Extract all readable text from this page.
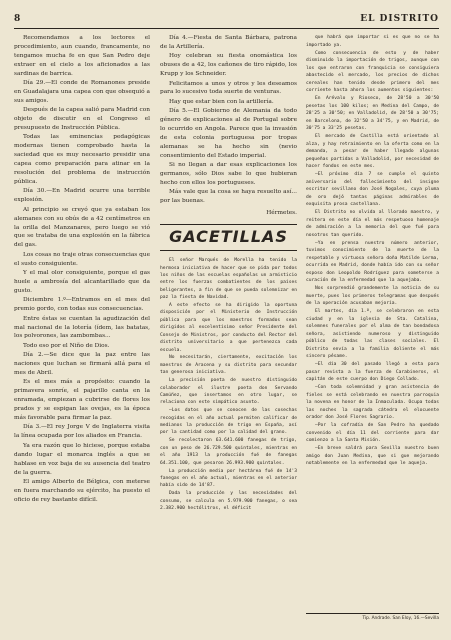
8	EL DISTRITO

Recomendamos a los lectores el procedimiento, aun cuando, francamente, no tengamos mucha fe en que San Pedro deje extraer en el cielo a los aficionados a las sardinas de barrica.

Día 29.—El conde de Romanones preside en Guadalajara una capea con que obsequió a sus amigos.

Después de la capea salió para Madrid con objeto de discutir en el Congreso el presupuesto de Instrucción Pública.

Todas las eminencias pedagógicas modernas tienen comprobado hasta la saciedad que es muy necesario presidir una capea como preparación para atinar en la resolución del problema de instrucción pública.

Día 30.—En Madrid ocurre una terrible explosión.

Al principio se creyó que ya estaban los alemanes con su obús de a 42 centímetros en la orilla del Manzanares, pero luego se vió que se trataba de una explosión en la fábrica del gas.

Los cosas no traje otras consecuencias que el susto consiguiente.

Y el mal olor consiguiente, porque el gas huele a ambrosía del alcantarillado que da gusto.

Diciembre 1.º—Entramos en el mes del premio gordo, con todas sus consecuencias.

Entre éstas se cuentan la agudización del mal nacional de la lotería (ídem, las batatas, los polvorones, las zambombas...

Todo eso por el Niño de Dios.

Día 2.—Se dice que la paz entre las naciones que luchan se firmará allá para el mes de Abril.

Es el mes más a propósito: cuando la primavera sonríe, el pajarillo canta en la enramada, empiezan a cubrirse de flores los prados y se espigan las ovejas, es la época más favorable para firmar la paz.

Día 3.—El rey Jorge V de Inglaterra visita la línea ocupada por los aliados en Francia.

Ya era razón que lo hiciese, porque estaba dando lugar el monarca inglés a que se hablase en voz baja de su ausencia del teatro de la guerra.

El amigo Alberto de Bélgica, con meterse en fuera marchando su ejército, ha puesto el oficio de rey bastante difícil.

Día 4.—Fiesta de Santa Bárbara, patrona de la Artillería.

Hoy celebran su fiesta onomástica los obuses de a 42, los cañones de tiro rápido, los Krupp y los Schneider.

Felicitamos a unos y otros y les deseamos para lo sucesivo toda suerte de venturas.

Hay que estar bien con la artillería.

Día 5.—El Gobierno de Alemania da todo género de explicaciones al de Portugal sobre lo ocurrido en Angola. Parece que la invasión de esta colonia portuguesa por tropas alemanas se ha hecho sin (nevio consentimiento del Estado imperial.

Si no llegan a dar esas explicaciones los germanos, sólo Dios sabe lo que hubieran hecho con ellos los portugueses.

Más vale que la cosa se haya resuelto así... por las buenas.

Hérmetes.
GACETILLAS

El señor Marqués de Morella ha tenido la hermosa iniciativa de hacer que se pida por todos los niños de las escuelas españolas un armisticio entre los fuerzas combatientes de los países beligerantes, a fin de que se pueda solemnizar en paz la fiesta de Navidad.

A este efecto se ha dirigido la oportuna disposición por el Ministerio de Instrucción pública para que los maestros formados sean dirigidos al excelentísimo señor Presidente del Consejo de Ministros, por conducto del Rector del distrito universitario a que pertenezca cada escuela.

No necesitarán, ciertamente, excitación los maestros de Aracena y su distrito para secundar tan generosa iniciativa.

La precisión poeta de nuestro distinguido colaborador el ilustre poeta don Servando Camúñez, que insertamos en otro lugar, se relaciona con este simpático asunto.

—Los datos que se conocen de las cosechas recogidas en el año actual permiten calificar de medianos la producción de trigo en España, así por la cantidad como por la calidad del grano.

Se recolectaron 63.641.600 fanegas de trigo, con un peso de 26.729.500 quintales, mientras en el año 1913 la producción fué de fanegas 64.351.100, que pesaron 26.993.900 quintales.

La producción media por hectárea fué de 14'3 fanegas en el año actual, mientras en el anterior había sido de 14'87.

Dada la producción y las necesidades del consumo, se calcula en 5.979.900 fanegas, o sea 2.382.900 hectólitros, el déficit

que habrá que importar si es que no se ha importado ya.

Como consecuencia de esto y de haber disminuido la importación de trigos, aunque con los que entraron con franquicia se consiguiera abastecido el mercado, los precios de dichos cereales han tenido desde primero del mes corriente hasta ahora los aumentos siguientes:

En Arévalo y Rioseco, de 28'50 a 30'50 pesetas los 100 kilos; en Medina del Campo, de 28'25 a 30'50; en Valladolid, de 28'50 a 30'75; en Barcelona, de 32'50 a 34'75, y en Madrid, de 30'75 a 33'25 pesetas.

El mercado de Castilla está orientado al alza, y hay retraimiento en la oferta como en la demanda, a pesar de haber llegado algunas pequeñas partidas a Valladolid, por necesidad de hacer fondos en este mes.

—El próximo día 7 se cumple el quinto aniversario del fallecimiento del insigne escritor sevillano don José Nogales, cuya pluma de oro dejó tantas páginas admirables de exquisita prosa castellana.

El Distrito no olvida al llorado maestro, y reitera en este día el más respetuoso homenaje de admiración a la memoria del que fué para nosotros tan querido.

—Ya en prensa nuestro número anterior, tuvimos conocimiento de la muerte de la respetable y virtuosa señora doña Matilde Lerma, ocurrida en Madrid, donde había ido con su señor esposo don Leopoldo Rodríguez para someterse a curación de la enfermedad que la aquejaba.

Nos sorprendió grandemente la noticia de su muerte, pues los primeros telegramas que después de la operación acusaban mejoría.

El martes, día 1.º, se celebraron en esta ciudad y en la iglesia de Sta. Catalina, solemnes funerales por el alma de tan bondadosa señora, asistiendo numeroso y distinguido público de todas las clases sociales. El Distrito envía a la familia doliente el más sincero pésame.

—El día 30 del pasado llegó a esta para pasar revista a la fuerza de Carabineros, el capitán de este cuerpo don Diego Collado.

—Con toda solemnidad y gran asistencia de fieles se está celebrando en nuestra parroquia la novena en honor de la Inmaculada. Ocupa todas las noches la sagrada cátedra el elocuente orador don José Flores Sagrario.

—Por la cofradía de San Pedro ha quedado convenido el día 11 del corriente para dar comienzo a la Santa Misión.

—En breve saldrá para Sevilla nuestro buen amigo don Juan Medina, que si gue mejorando notablemente en la enfermedad que le aqueja.

Tip. Andrade. San Eloy, 16.—Sevilla
